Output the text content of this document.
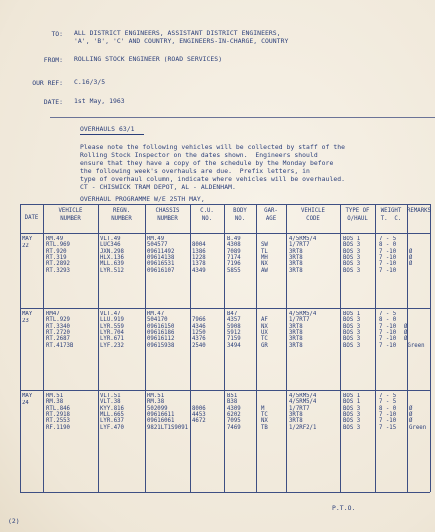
TO: ALL DISTRICT ENGINEERS, ASSISTANT DISTRICT ENGINEERS,
'A', 'B', 'C' AND COUNTRY, ENGINEERS-IN-CHARGE, COUNTRY
FROM: ROLLING STOCK ENGINEER (ROAD SERVICES)
OUR REF: C.16/3/5
DATE: 1st May, 1963
OVERHAULS 63/1
Please note the following vehicles will be collected by staff of the
Rolling Stock Inspector on the dates shown.  Engineers should
ensure that they have a copy of the schedule by the Monday before
the following week's overhauls are due.  Prefix letters, in
type of overhaul column, indicate where vehicles will be overhauled.
CT - CHISWICK TRAM DEPOT, AL - ALDENHAM.
OVERHAUL PROGRAMME W/E 25TH MAY,
DATE
VEHICLE
NUMBER
REGN.
NUMBER
CHASSIS
NUMBER
C.U.
NO.
BODY
NO.
GAR-
AGE
VEHICLE
CODE
TYPE OF
O/HAUL
WEIGHT
T.  C.
REMARKS
MAY
22
RM.49
RTL.969
RT.920
RT.319
RT.2892
RT.3293
VLT.49
LUC346
JXN.298
HLX.136
MLL.639
LYR.512
RM.49
504577
09611492
09614138
09616531
09616107

8004
1386
1228
1378
4349
B.49
4308
7089
7174
7196
5855

SW
TL
MH
NX
AW
4/5RM5/4
1/7RT7
3RT8
3RT8
3RT8
3RT8
BOS 1
BOS 3
BOS 3
BOS 3
BOS 3
BOS 3
7 - 5
8 - 0
7 -10
7 -10
7 -10
7 -10

Ø
Ø
Ø

MAY
23
RM47
RTL.929
RT.3340
RT.2720
RT.2687
RT.4173B
VLT.47
LLU.919
LYR.559
LYR.704
LYR.671
LYF.232
RM.47
504170
09616150
09616186
09616112
09615938

7966
4346
1250
4376
2540
B47
4357
5908
5912
7159
3494

AF
NX
UX
TC
GR
4/5RM5/4
1/7RT7
3RT8
3RT8
3RT8
3RT8
BOS 1
BOS 3
BOS 3
BOS 3
BOS 3
BOS 3
7 - 5
8 - 0
7 -10
7 -10
7 -10
7 -10

Ø
Ø
Ø
Green
MAY
24
RM.51
RM.38
RTL.846
RT.2918
RT.2553
RF.1190
VLT.51
VLT.38
KYY.816
MLL.665
LYR.637
LYF.470
RM.51
RM.38
502099
09616611
09616061
9821LT1S9091

8006
4453
4672

B51
B38
4309
6202
7095
7469

M
TC
NX
TB
4/5RM5/4
4/5RM5/4
1/7RT7
3RT8
3RT8
1/2RF2/1
BOS 1
BOS 1
BOS 3
BOS 3
BOS 3
BOS 3
7 - 5
7 - 5
8 - 0
7 -10
7 -10
7 -15

Ø
Ø
Ø
Green
P.T.O.
(2)
